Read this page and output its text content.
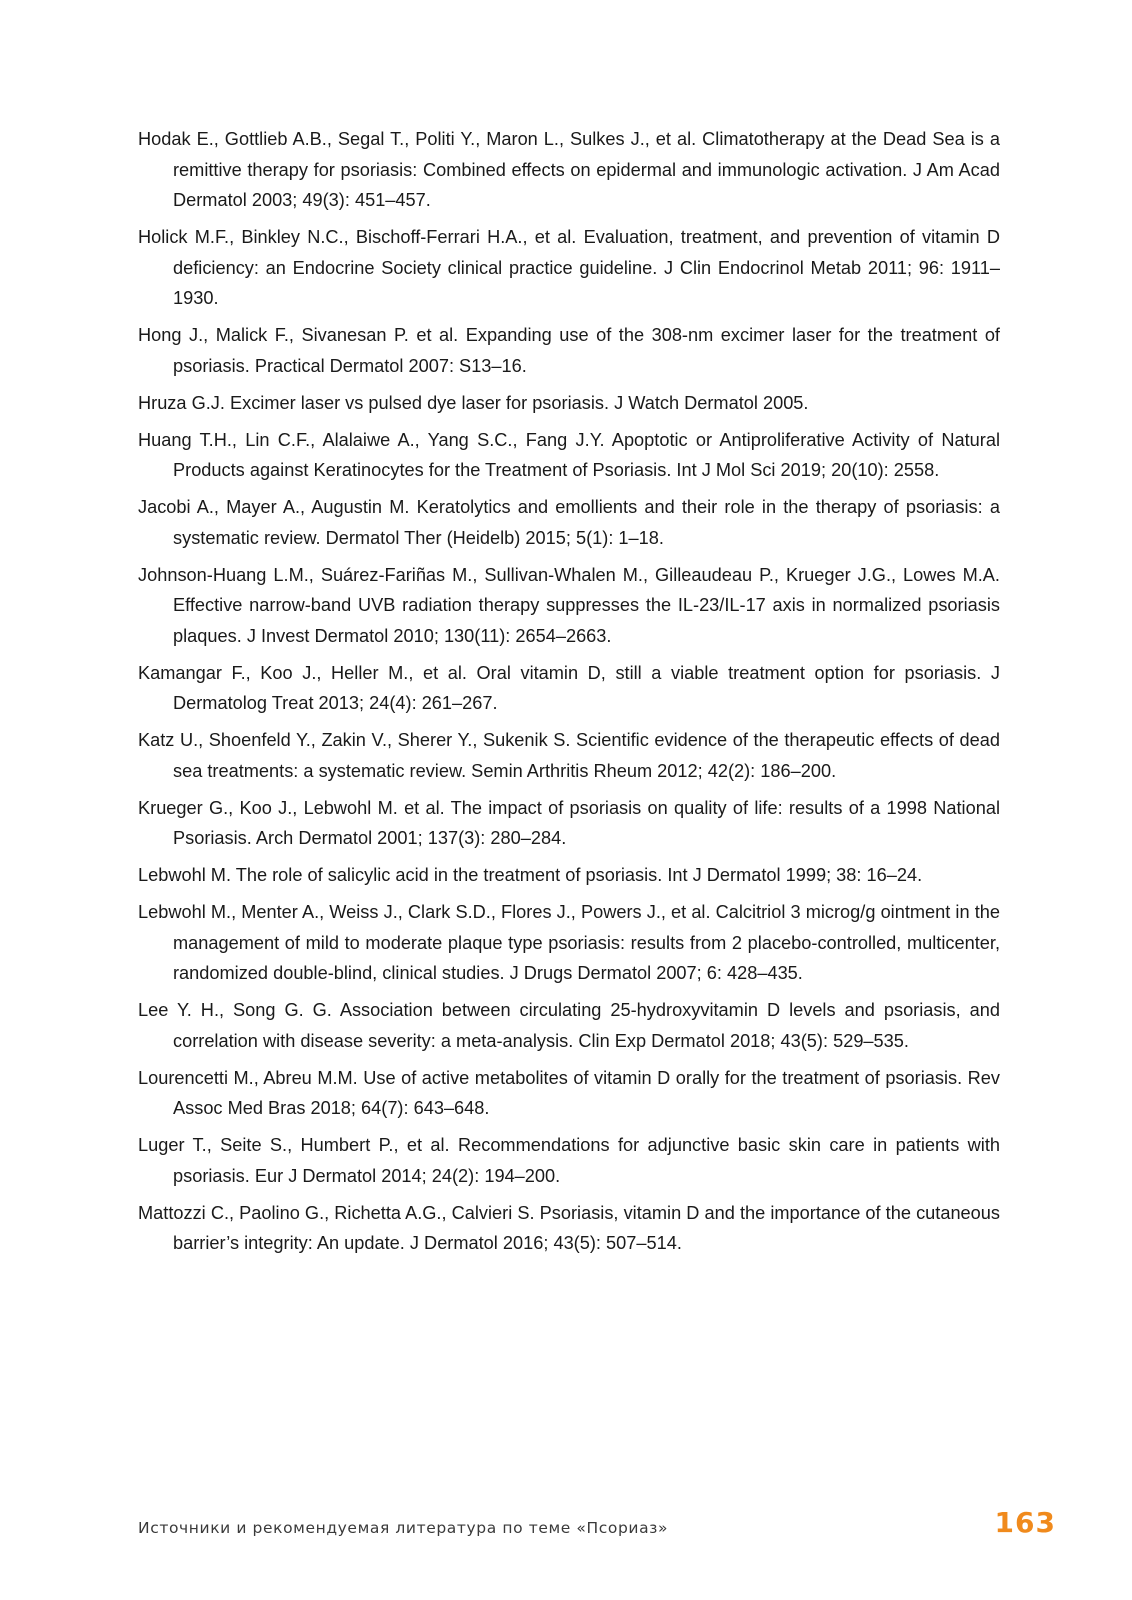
Hodak E., Gottlieb A.B., Segal T., Politi Y., Maron L., Sulkes J., et al. Climatotherapy at the Dead Sea is a remittive therapy for psoriasis: Combined effects on epidermal and immunologic activation. J Am Acad Dermatol 2003; 49(3): 451–457.
Holick M.F., Binkley N.C., Bischoff-Ferrari H.A., et al. Evaluation, treatment, and prevention of vitamin D deficiency: an Endocrine Society clinical practice guideline. J Clin Endocrinol Metab 2011; 96: 1911–1930.
Hong J., Malick F., Sivanesan P. et al. Expanding use of the 308-nm excimer laser for the treatment of psoriasis. Practical Dermatol 2007: S13–16.
Hruza G.J. Excimer laser vs pulsed dye laser for psoriasis. J Watch Dermatol 2005.
Huang T.H., Lin C.F., Alalaiwe A., Yang S.C., Fang J.Y. Apoptotic or Antiproliferative Activity of Natural Products against Keratinocytes for the Treatment of Psoriasis. Int J Mol Sci 2019; 20(10): 2558.
Jacobi A., Mayer A., Augustin M. Keratolytics and emollients and their role in the therapy of psoriasis: a systematic review. Dermatol Ther (Heidelb) 2015; 5(1): 1–18.
Johnson-Huang L.M., Suárez-Fariñas M., Sullivan-Whalen M., Gilleaudeau P., Krueger J.G., Lowes M.A. Effective narrow-band UVB radiation therapy suppresses the IL-23/IL-17 axis in normalized psoriasis plaques. J Invest Dermatol 2010; 130(11): 2654–2663.
Kamangar F., Koo J., Heller M., et al. Oral vitamin D, still a viable treatment option for psoriasis. J Dermatolog Treat 2013; 24(4): 261–267.
Katz U., Shoenfeld Y., Zakin V., Sherer Y., Sukenik S. Scientific evidence of the therapeutic effects of dead sea treatments: a systematic review. Semin Arthritis Rheum 2012; 42(2): 186–200.
Krueger G., Koo J., Lebwohl M. et al. The impact of psoriasis on quality of life: results of a 1998 National Psoriasis. Arch Dermatol 2001; 137(3): 280–284.
Lebwohl M. The role of salicylic acid in the treatment of psoriasis. Int J Dermatol 1999; 38: 16–24.
Lebwohl M., Menter A., Weiss J., Clark S.D., Flores J., Powers J., et al. Calcitriol 3 microg/g ointment in the management of mild to moderate plaque type psoriasis: results from 2 placebo-controlled, multicenter, randomized double-blind, clinical studies. J Drugs Dermatol 2007; 6: 428–435.
Lee Y. H., Song G. G. Association between circulating 25-hydroxyvitamin D levels and psoriasis, and correlation with disease severity: a meta-analysis. Clin Exp Dermatol 2018; 43(5): 529–535.
Lourencetti M., Abreu M.M. Use of active metabolites of vitamin D orally for the treatment of psoriasis. Rev Assoc Med Bras 2018; 64(7): 643–648.
Luger T., Seite S., Humbert P., et al. Recommendations for adjunctive basic skin care in patients with psoriasis. Eur J Dermatol 2014; 24(2): 194–200.
Mattozzi C., Paolino G., Richetta A.G., Calvieri S. Psoriasis, vitamin D and the importance of the cutaneous barrier’s integrity: An update. J Dermatol 2016; 43(5): 507–514.
Источники и рекомендуемая литература по теме «Псориаз»	163
